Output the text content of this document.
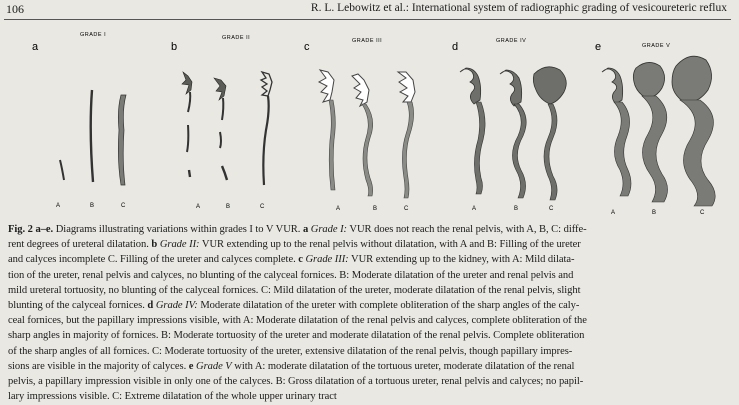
106	R. L. Lebowitz et al.: International system of radiographic grading of vesicoureteric reflux
a	b	c	d	e
GRADE I	GRADE II	GRADE III	GRADE IV
GRADE V
A	B	C	A	B	C	A	B	C	A	B	C
A	B	C
Fig. 2 a–e. Diagrams illustrating variations within grades I to V VUR. a Grade I: VUR does not reach the renal pelvis, with A, B, C: diffe-
rent degrees of ureteral dilatation. b Grade II: VUR extending up to the renal pelvis without dilatation, with A and B: Filling of the ureter
and calyces incomplete C. Filling of the ureter and calyces complete. c Grade III: VUR extending up to the kidney, with A: Mild dilata-
tion of the ureter, renal pelvis and calyces, no blunting of the calyceal fornices. B: Moderate dilatation of the ureter and renal pelvis and
mild ureteral tortuosity, no blunting of the calyceal fornices. C: Mild dilatation of the ureter, moderate dilatation of the renal pelvis, slight
blunting of the calyceal fornices. d Grade IV: Moderate dilatation of the ureter with complete obliteration of the sharp angles of the caly-
ceal fornices, but the papillary impressions visible, with A: Moderate dilatation of the renal pelvis and calyces, complete obliteration of the
sharp angles in majority of fornices. B: Moderate tortuosity of the ureter and moderate dilatation of the renal pelvis. Complete obliteration
of the sharp angles of all fornices. C: Moderate tortuosity of the ureter, extensive dilatation of the renal pelvis, though papillary impres-
sions are visible in the majority of calyces. e Grade V with A: moderate dilatation of the tortuous ureter, moderate dilatation of the renal
pelvis, a papillary impression visible in only one of the calyces. B: Gross dilatation of a tortuous ureter, renal pelvis and calyces; no papil-
lary impressions visible. C: Extreme dilatation of the whole upper urinary tract
